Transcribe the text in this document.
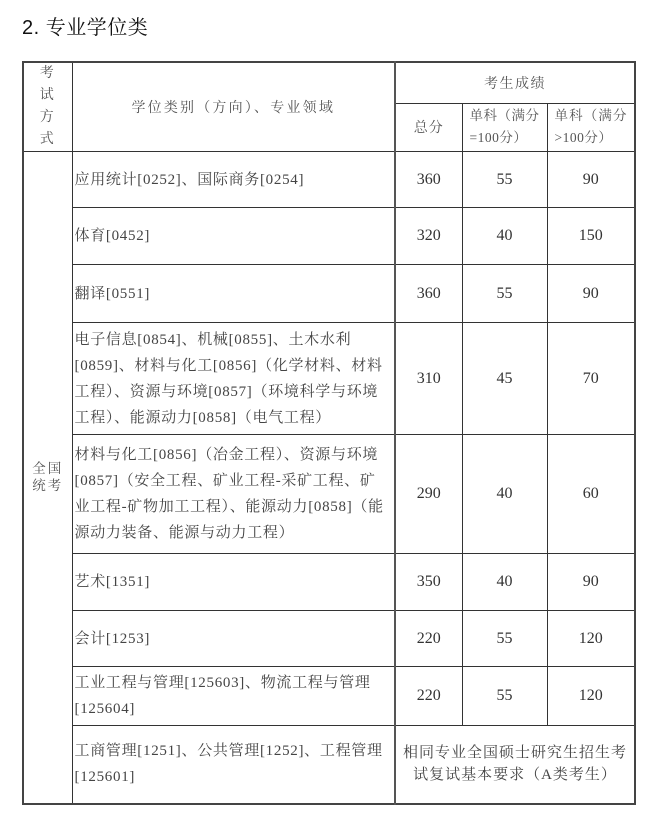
2. 专业学位类
考试方式	学位类别（方向）、专业领域	考生成绩		
		总分	单科（满分=100分）	单科（满分>100分）
全国统考	应用统计[0252]、国际商务[0254]	360	55	90
	体育[0452]	320	40	150
	翻译[0551]	360	55	90
	电子信息[0854]、机械[0855]、土木水利[0859]、材料与化工[0856]（化学材料、材料工程）、资源与环境[0857]（环境科学与环境工程）、能源动力[0858]（电气工程）	310	45	70
	材料与化工[0856]（冶金工程）、资源与环境[0857]（安全工程、矿业工程-采矿工程、矿业工程-矿物加工工程）、能源动力[0858]（能源动力装备、能源与动力工程）	290	40	60
	艺术[1351]	350	40	90
	会计[1253]	220	55	120
	工业工程与管理[125603]、物流工程与管理[125604]	220	55	120
	工商管理[1251]、公共管理[1252]、工程管理[125601]	相同专业全国硕士研究生招生考试复试基本要求（A类考生）		
